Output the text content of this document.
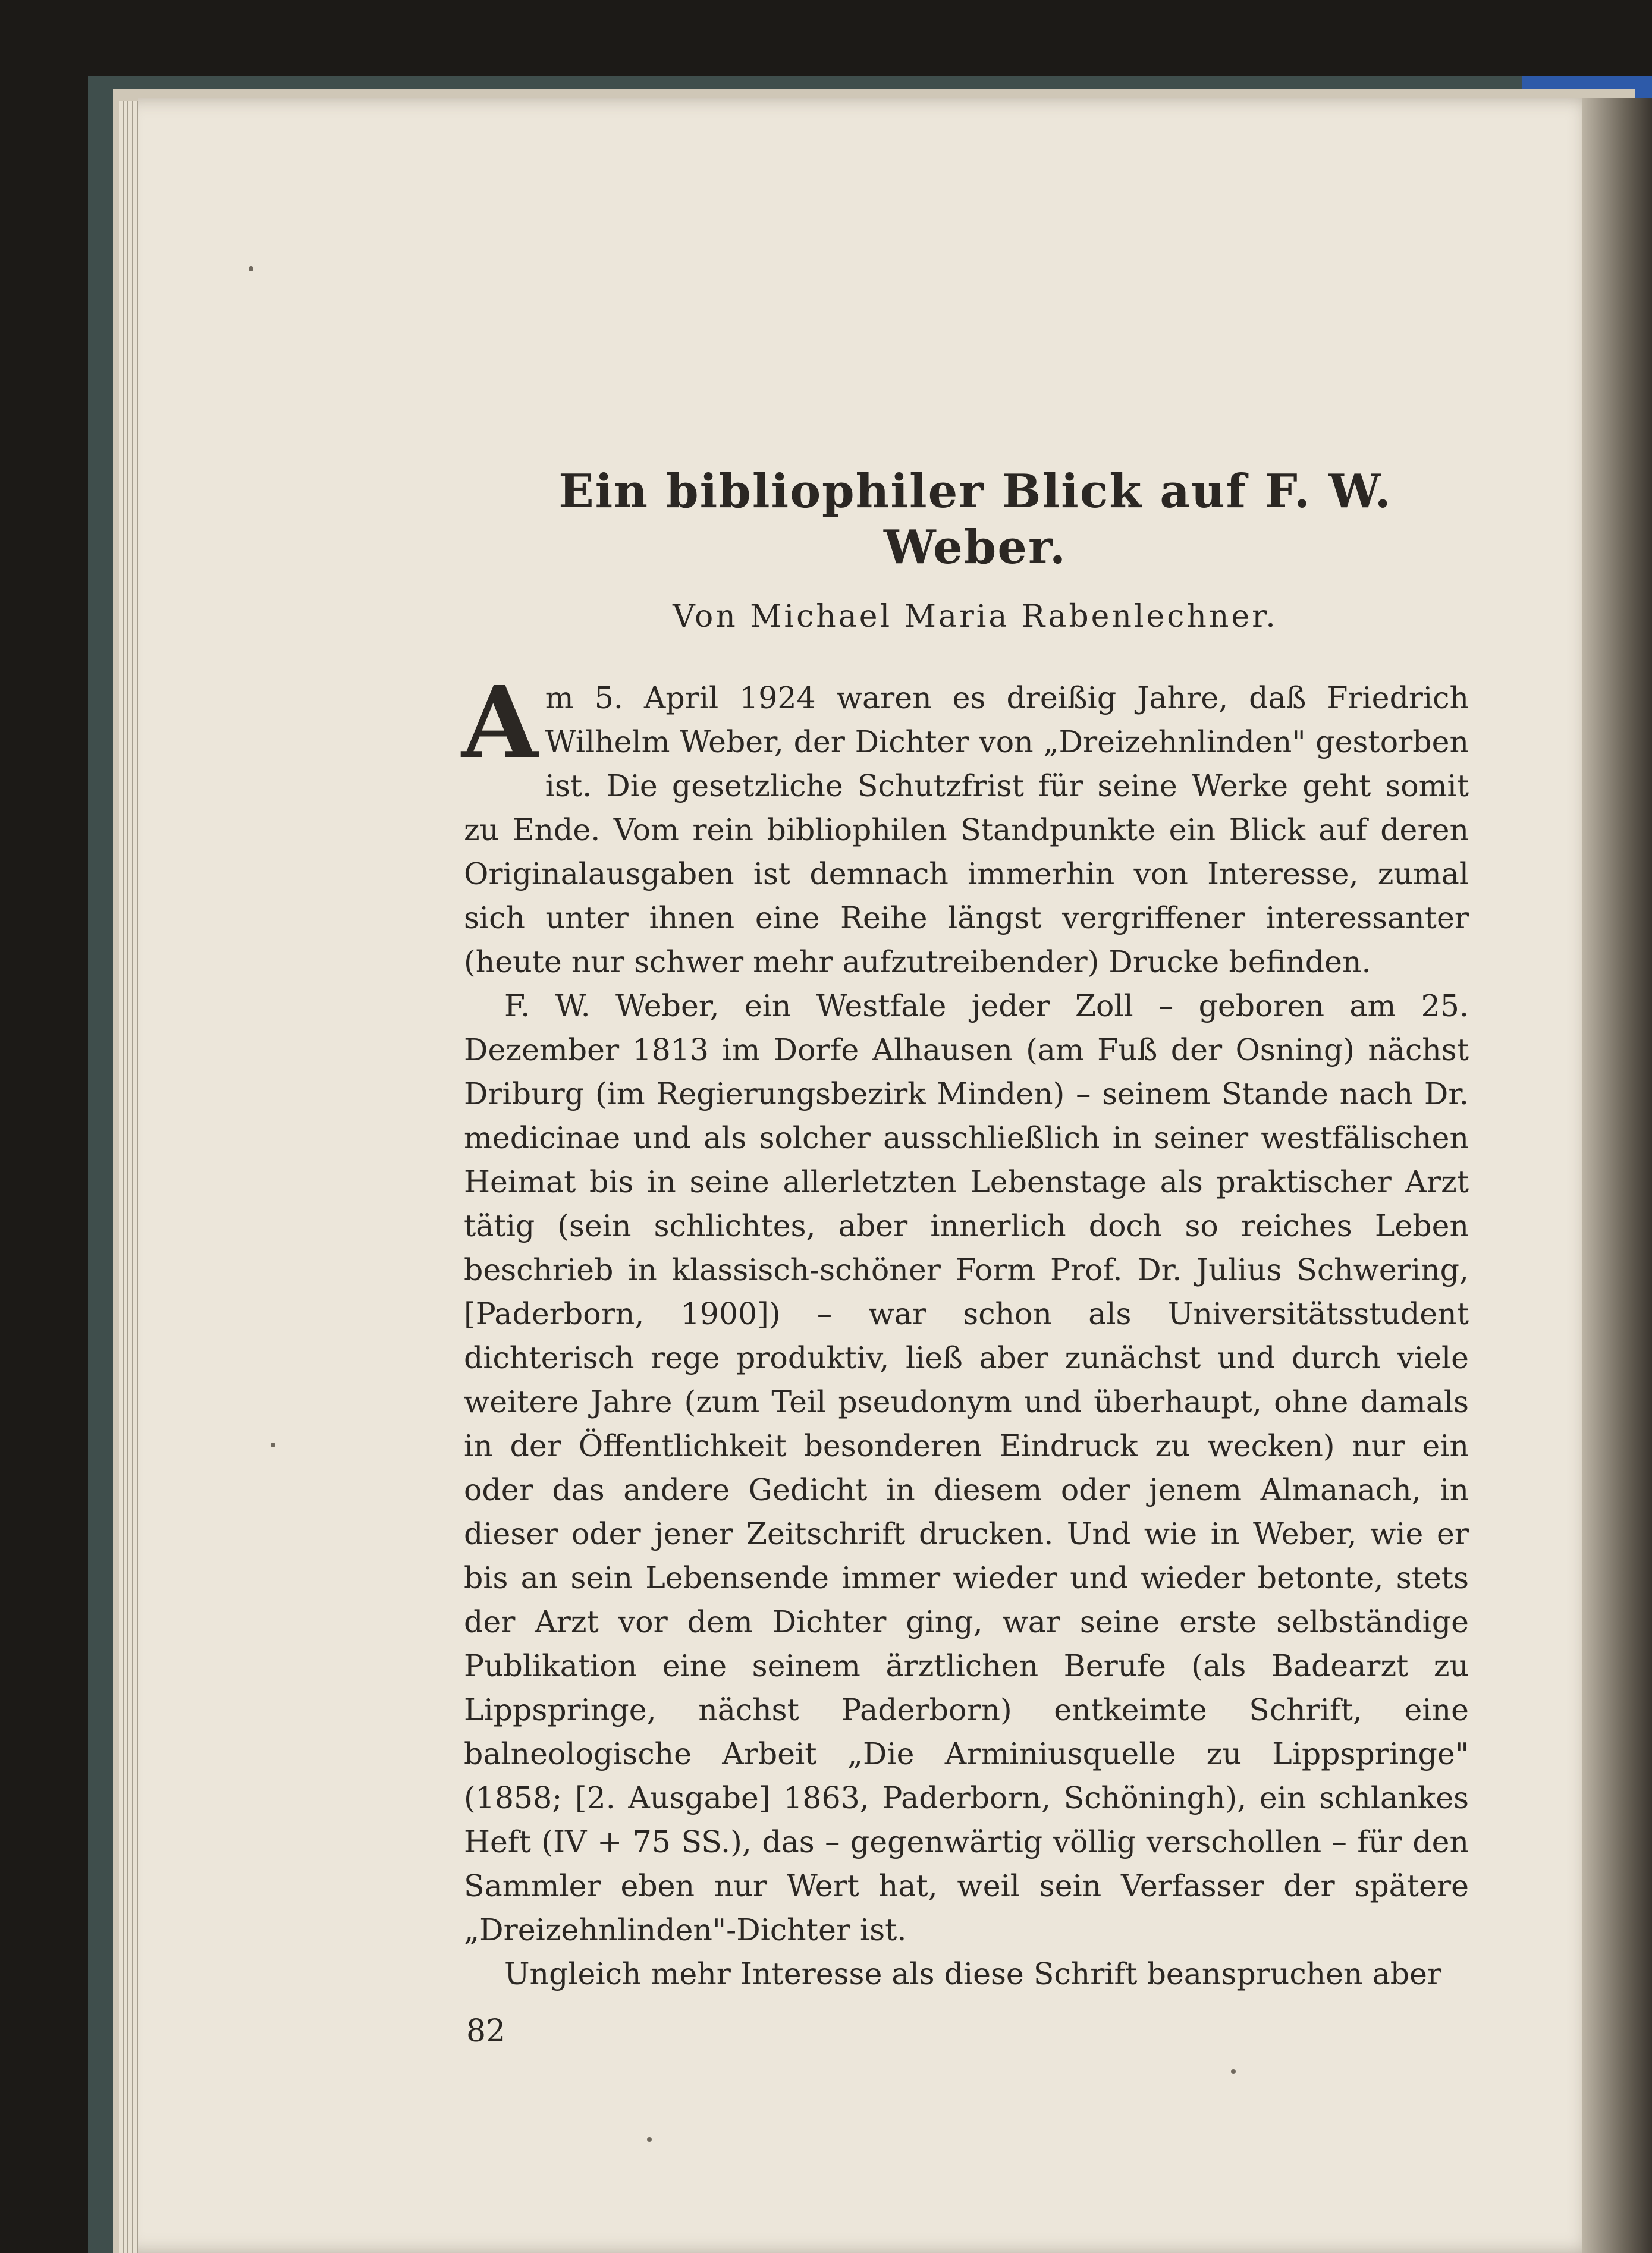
Ein bibliophiler Blick auf F. W. Weber.
Von Michael Maria Rabenlechner.

A m 5. April 1924 waren es dreißig Jahre, daß Friedrich Wilhelm Weber, der Dichter von „Dreizehnlinden" gestorben ist. Die gesetzliche Schutzfrist für seine Werke geht somit zu Ende. Vom rein bibliophilen Standpunkte ein Blick auf deren Originalausgaben ist demnach immerhin von Interesse, zumal sich unter ihnen eine Reihe längst vergriffener interessanter (heute nur schwer mehr aufzutreibender) Drucke befinden.

F. W. Weber, ein Westfale jeder Zoll – geboren am 25. Dezember 1813 im Dorfe Alhausen (am Fuß der Osning) nächst Driburg (im Regierungsbezirk Minden) – seinem Stande nach Dr. medicinae und als solcher ausschließlich in seiner westfälischen Heimat bis in seine allerletzten Lebenstage als praktischer Arzt tätig (sein schlichtes, aber innerlich doch so reiches Leben beschrieb in klassisch-schöner Form Prof. Dr. Julius Schwering, [Paderborn, 1900]) – war schon als Universitätsstudent dichterisch rege produktiv, ließ aber zunächst und durch viele weitere Jahre (zum Teil pseudonym und überhaupt, ohne damals in der Öffentlichkeit besonderen Eindruck zu wecken) nur ein oder das andere Gedicht in diesem oder jenem Almanach, in dieser oder jener Zeitschrift drucken. Und wie in Weber, wie er bis an sein Lebensende immer wieder und wieder betonte, stets der Arzt vor dem Dichter ging, war seine erste selbständige Publikation eine seinem ärztlichen Berufe (als Badearzt zu Lippspringe, nächst Paderborn) entkeimte Schrift, eine balneologische Arbeit „Die Arminiusquelle zu Lippspringe" (1858; [2. Ausgabe] 1863, Paderborn, Schöningh), ein schlankes Heft (IV + 75 SS.), das – gegenwärtig völlig verschollen – für den Sammler eben nur Wert hat, weil sein Verfasser der spätere „Dreizehnlinden"-Dichter ist.

Ungleich mehr Interesse als diese Schrift beanspruchen aber

82
